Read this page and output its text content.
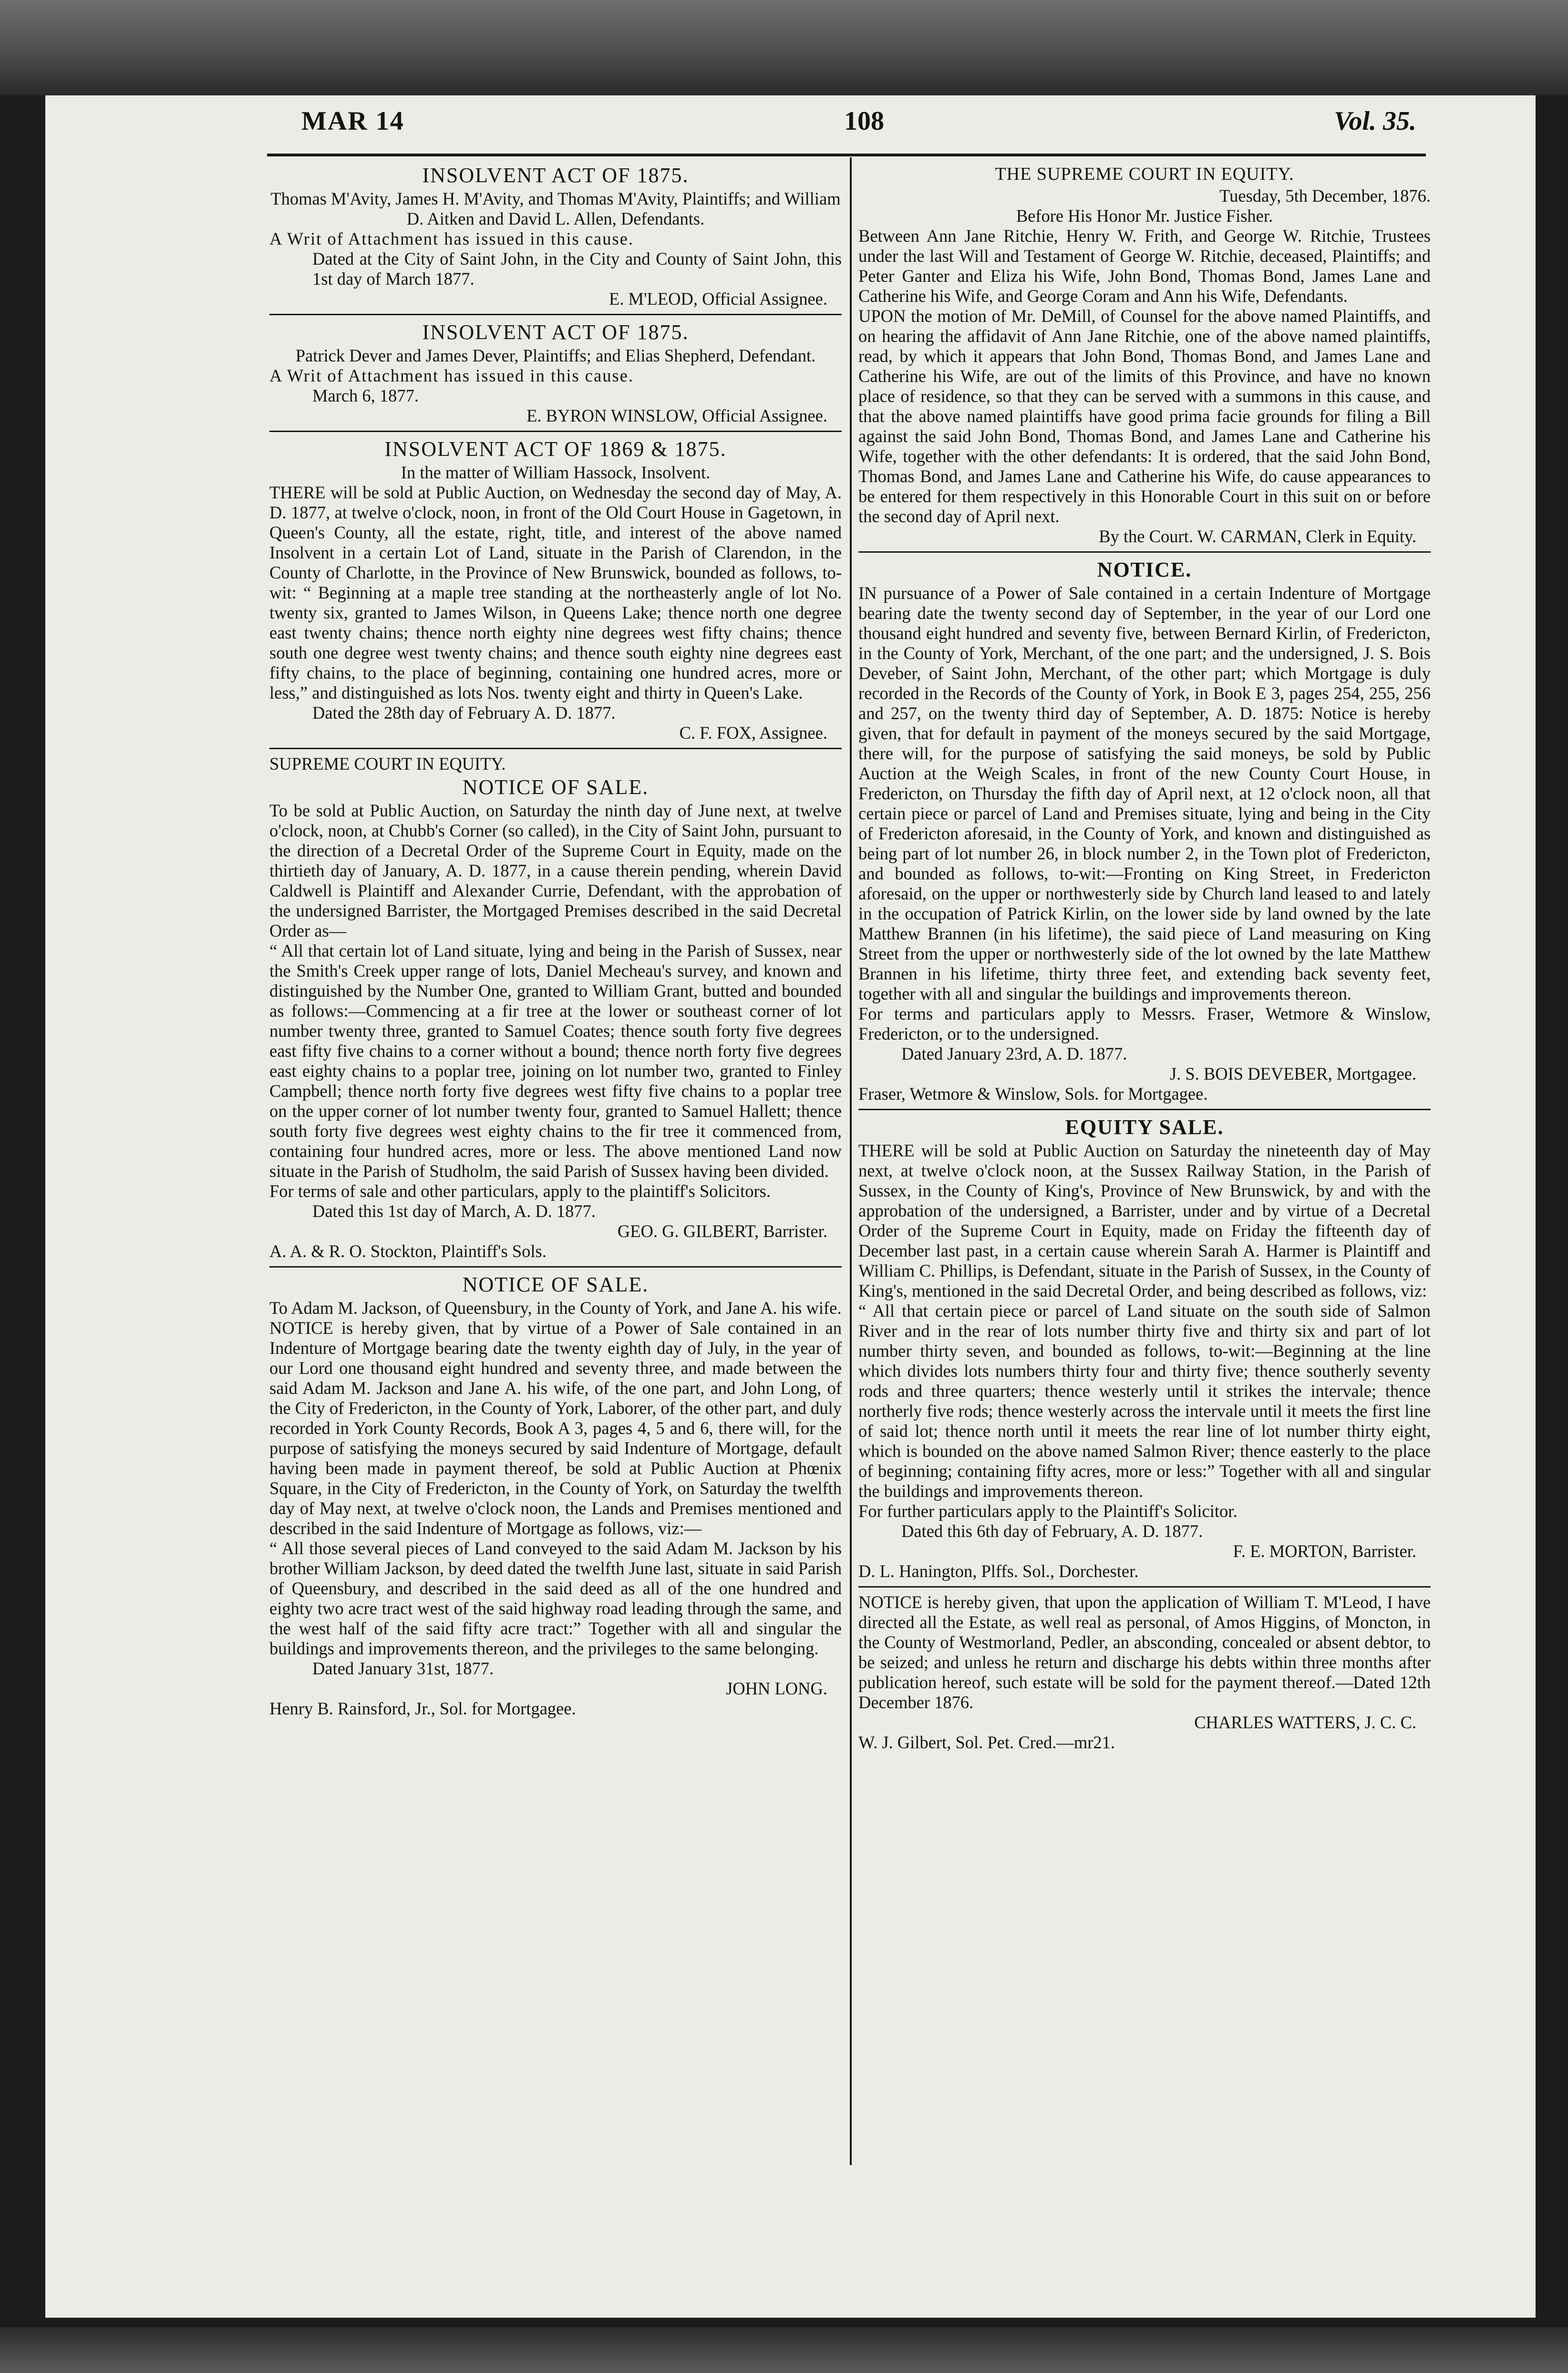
MAR 14	108	Vol. 35.
INSOLVENT ACT OF 1875.

Thomas M'Avity, James H. M'Avity, and Thomas M'Avity, Plaintiffs; and William D. Aitken and David L. Allen, Defendants.

A Writ of Attachment has issued in this cause.

Dated at the City of Saint John, in the City and County of Saint John, this 1st day of March 1877.

E. M'LEOD, Official Assignee.

INSOLVENT ACT OF 1875.

Patrick Dever and James Dever, Plaintiffs; and Elias Shepherd, Defendant.

A Writ of Attachment has issued in this cause.

March 6, 1877.

E. BYRON WINSLOW, Official Assignee.

INSOLVENT ACT OF 1869 & 1875.

In the matter of William Hassock, Insolvent.

THERE will be sold at Public Auction, on Wednesday the second day of May, A. D. 1877, at twelve o'clock, noon, in front of the Old Court House in Gagetown, in Queen's County, all the estate, right, title, and interest of the above named Insolvent in a certain Lot of Land, situate in the Parish of Clarendon, in the County of Charlotte, in the Province of New Brunswick, bounded as follows, to-wit: “ Beginning at a maple tree standing at the northeasterly angle of lot No. twenty six, granted to James Wilson, in Queens Lake; thence north one degree east twenty chains; thence north eighty nine degrees west fifty chains; thence south one degree west twenty chains; and thence south eighty nine degrees east fifty chains, to the place of beginning, containing one hundred acres, more or less,” and distinguished as lots Nos. twenty eight and thirty in Queen's Lake.

Dated the 28th day of February A. D. 1877.

C. F. FOX, Assignee.

SUPREME COURT IN EQUITY.

NOTICE OF SALE.

To be sold at Public Auction, on Saturday the ninth day of June next, at twelve o'clock, noon, at Chubb's Corner (so called), in the City of Saint John, pursuant to the direction of a Decretal Order of the Supreme Court in Equity, made on the thirtieth day of January, A. D. 1877, in a cause therein pending, wherein David Caldwell is Plaintiff and Alexander Currie, Defendant, with the approbation of the undersigned Barrister, the Mortgaged Premises described in the said Decretal Order as—

“ All that certain lot of Land situate, lying and being in the Parish of Sussex, near the Smith's Creek upper range of lots, Daniel Mecheau's survey, and known and distinguished by the Number One, granted to William Grant, butted and bounded as follows:—Commencing at a fir tree at the lower or southeast corner of lot number twenty three, granted to Samuel Coates; thence south forty five degrees east fifty five chains to a corner without a bound; thence north forty five degrees east eighty chains to a poplar tree, joining on lot number two, granted to Finley Campbell; thence north forty five degrees west fifty five chains to a poplar tree on the upper corner of lot number twenty four, granted to Samuel Hallett; thence south forty five degrees west eighty chains to the fir tree it commenced from, containing four hundred acres, more or less. The above mentioned Land now situate in the Parish of Studholm, the said Parish of Sussex having been divided.

For terms of sale and other particulars, apply to the plaintiff's Solicitors.

Dated this 1st day of March, A. D. 1877.

GEO. G. GILBERT, Barrister.

A. A. & R. O. Stockton, Plaintiff's Sols.

NOTICE OF SALE.

To Adam M. Jackson, of Queensbury, in the County of York, and Jane A. his wife.

NOTICE is hereby given, that by virtue of a Power of Sale contained in an Indenture of Mortgage bearing date the twenty eighth day of July, in the year of our Lord one thousand eight hundred and seventy three, and made between the said Adam M. Jackson and Jane A. his wife, of the one part, and John Long, of the City of Fredericton, in the County of York, Laborer, of the other part, and duly recorded in York County Records, Book A 3, pages 4, 5 and 6, there will, for the purpose of satisfying the moneys secured by said Indenture of Mortgage, default having been made in payment thereof, be sold at Public Auction at Phœnix Square, in the City of Fredericton, in the County of York, on Saturday the twelfth day of May next, at twelve o'clock noon, the Lands and Premises mentioned and described in the said Indenture of Mortgage as follows, viz:—

“ All those several pieces of Land conveyed to the said Adam M. Jackson by his brother William Jackson, by deed dated the twelfth June last, situate in said Parish of Queensbury, and described in the said deed as all of the one hundred and eighty two acre tract west of the said highway road leading through the same, and the west half of the said fifty acre tract:” Together with all and singular the buildings and improvements thereon, and the privileges to the same belonging.

Dated January 31st, 1877.

JOHN LONG.

Henry B. Rainsford, Jr., Sol. for Mortgagee.

THE SUPREME COURT IN EQUITY.

Tuesday, 5th December, 1876.

Before His Honor Mr. Justice Fisher.

Between Ann Jane Ritchie, Henry W. Frith, and George W. Ritchie, Trustees under the last Will and Testament of George W. Ritchie, deceased, Plaintiffs; and Peter Ganter and Eliza his Wife, John Bond, Thomas Bond, James Lane and Catherine his Wife, and George Coram and Ann his Wife, Defendants.

UPON the motion of Mr. DeMill, of Counsel for the above named Plaintiffs, and on hearing the affidavit of Ann Jane Ritchie, one of the above named plaintiffs, read, by which it appears that John Bond, Thomas Bond, and James Lane and Catherine his Wife, are out of the limits of this Province, and have no known place of residence, so that they can be served with a summons in this cause, and that the above named plaintiffs have good prima facie grounds for filing a Bill against the said John Bond, Thomas Bond, and James Lane and Catherine his Wife, together with the other defendants: It is ordered, that the said John Bond, Thomas Bond, and James Lane and Catherine his Wife, do cause appearances to be entered for them respectively in this Honorable Court in this suit on or before the second day of April next.

By the Court. W. CARMAN, Clerk in Equity.

NOTICE.

IN pursuance of a Power of Sale contained in a certain Indenture of Mortgage bearing date the twenty second day of September, in the year of our Lord one thousand eight hundred and seventy five, between Bernard Kirlin, of Fredericton, in the County of York, Merchant, of the one part; and the undersigned, J. S. Bois Deveber, of Saint John, Merchant, of the other part; which Mortgage is duly recorded in the Records of the County of York, in Book E 3, pages 254, 255, 256 and 257, on the twenty third day of September, A. D. 1875: Notice is hereby given, that for default in payment of the moneys secured by the said Mortgage, there will, for the purpose of satisfying the said moneys, be sold by Public Auction at the Weigh Scales, in front of the new County Court House, in Fredericton, on Thursday the fifth day of April next, at 12 o'clock noon, all that certain piece or parcel of Land and Premises situate, lying and being in the City of Fredericton aforesaid, in the County of York, and known and distinguished as being part of lot number 26, in block number 2, in the Town plot of Fredericton, and bounded as follows, to-wit:—Fronting on King Street, in Fredericton aforesaid, on the upper or northwesterly side by Church land leased to and lately in the occupation of Patrick Kirlin, on the lower side by land owned by the late Matthew Brannen (in his lifetime), the said piece of Land measuring on King Street from the upper or northwesterly side of the lot owned by the late Matthew Brannen in his lifetime, thirty three feet, and extending back seventy feet, together with all and singular the buildings and improvements thereon.

For terms and particulars apply to Messrs. Fraser, Wetmore & Winslow, Fredericton, or to the undersigned.

Dated January 23rd, A. D. 1877.

J. S. BOIS DEVEBER, Mortgagee.

Fraser, Wetmore & Winslow, Sols. for Mortgagee.

EQUITY SALE.

THERE will be sold at Public Auction on Saturday the nineteenth day of May next, at twelve o'clock noon, at the Sussex Railway Station, in the Parish of Sussex, in the County of King's, Province of New Brunswick, by and with the approbation of the undersigned, a Barrister, under and by virtue of a Decretal Order of the Supreme Court in Equity, made on Friday the fifteenth day of December last past, in a certain cause wherein Sarah A. Harmer is Plaintiff and William C. Phillips, is Defendant, situate in the Parish of Sussex, in the County of King's, mentioned in the said Decretal Order, and being described as follows, viz:

“ All that certain piece or parcel of Land situate on the south side of Salmon River and in the rear of lots number thirty five and thirty six and part of lot number thirty seven, and bounded as follows, to-wit:—Beginning at the line which divides lots numbers thirty four and thirty five; thence southerly seventy rods and three quarters; thence westerly until it strikes the intervale; thence northerly five rods; thence westerly across the intervale until it meets the first line of said lot; thence north until it meets the rear line of lot number thirty eight, which is bounded on the above named Salmon River; thence easterly to the place of beginning; containing fifty acres, more or less:” Together with all and singular the buildings and improvements thereon.

For further particulars apply to the Plaintiff's Solicitor.

Dated this 6th day of February, A. D. 1877.

F. E. MORTON, Barrister.

D. L. Hanington, Plffs. Sol., Dorchester.

NOTICE is hereby given, that upon the application of William T. M'Leod, I have directed all the Estate, as well real as personal, of Amos Higgins, of Moncton, in the County of Westmorland, Pedler, an absconding, concealed or absent debtor, to be seized; and unless he return and discharge his debts within three months after publication hereof, such estate will be sold for the payment thereof.—Dated 12th December 1876.

CHARLES WATTERS, J. C. C.

W. J. Gilbert, Sol. Pet. Cred.—mr21.
